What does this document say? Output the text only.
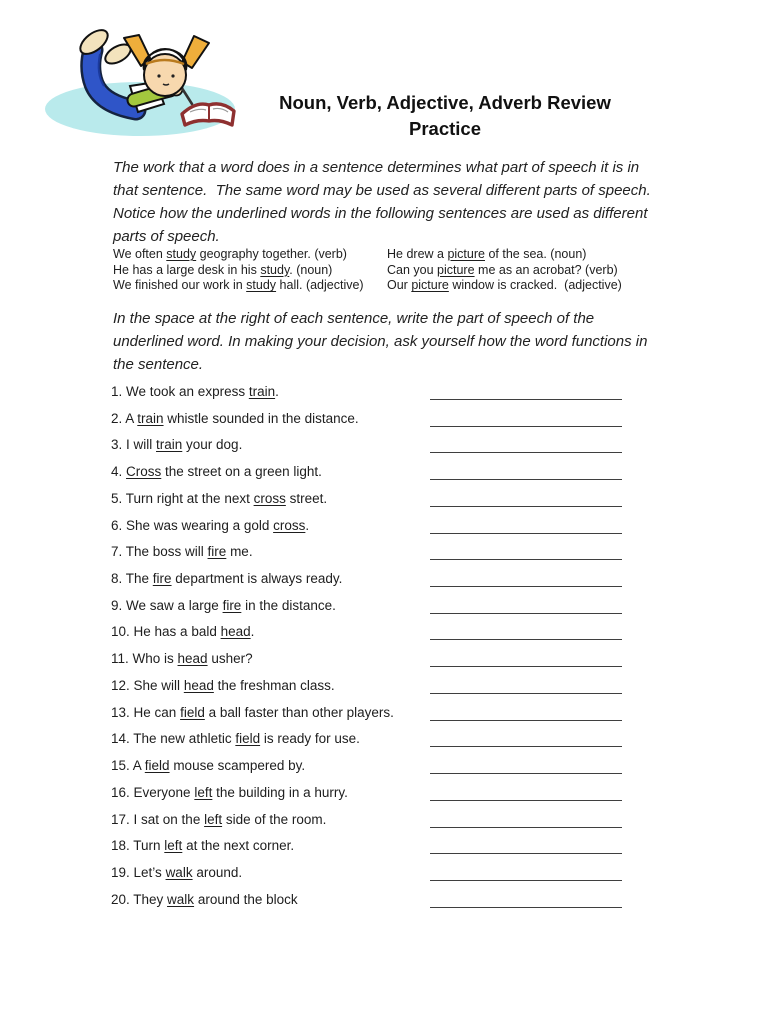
Noun, Verb, Adjective, Adverb Review
Practice
The work that a word does in a sentence determines what part of speech it is in
that sentence.  The same word may be used as several different parts of speech.
Notice how the underlined words in the following sentences are used as different
parts of speech.
We often study geography together. (verb)
He has a large desk in his study. (noun)
We finished our work in study hall. (adjective)
He drew a picture of the sea. (noun)
Can you picture me as an acrobat? (verb)
Our picture window is cracked.  (adjective)
In the space at the right of each sentence, write the part of speech of the
underlined word. In making your decision, ask yourself how the word functions in
the sentence.
1. We took an express train.
2. A train whistle sounded in the distance.
3. I will train your dog.
4. Cross the street on a green light.
5. Turn right at the next cross street.
6. She was wearing a gold cross.
7. The boss will fire me.
8. The fire department is always ready.
9. We saw a large fire in the distance.
10. He has a bald head.
11. Who is head usher?
12. She will head the freshman class.
13. He can field a ball faster than other players.
14. The new athletic field is ready for use.
15. A field mouse scampered by.
16. Everyone left the building in a hurry.
17. I sat on the left side of the room.
18. Turn left at the next corner.
19. Let’s walk around.
20. They walk around the block
